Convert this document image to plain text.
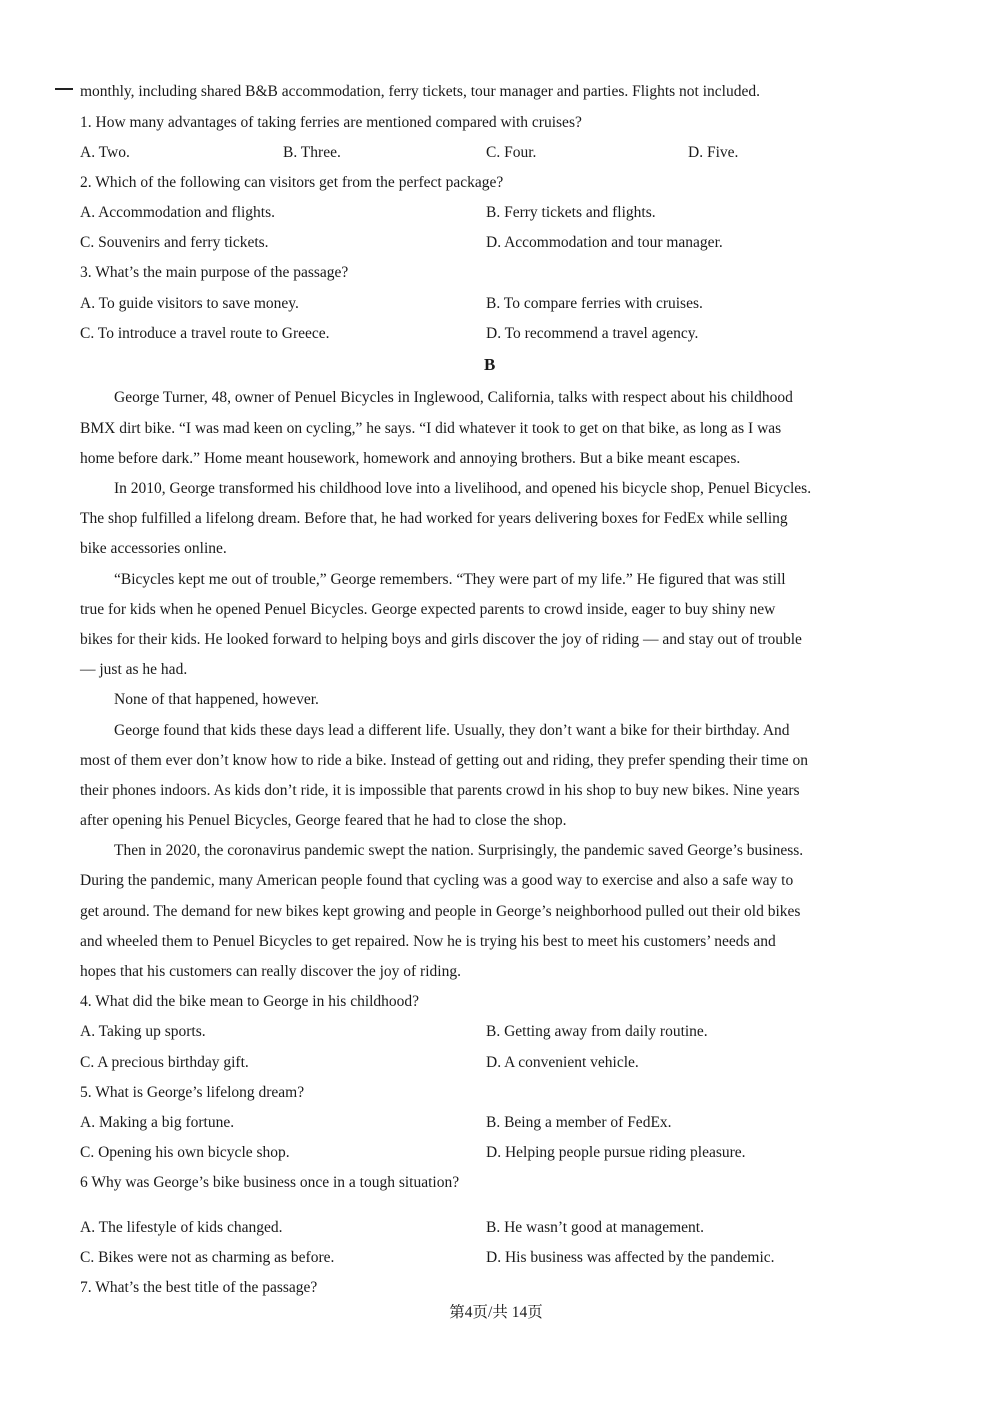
monthly, including shared B&B accommodation, ferry tickets, tour manager and parties. Flights not included.
1. How many advantages of taking ferries are mentioned compared with cruises?
A. Two.	B. Three.	C. Four.	D. Five.
2. Which of the following can visitors get from the perfect package?
A. Accommodation and flights.	B. Ferry tickets and flights.
C. Souvenirs and ferry tickets.	D. Accommodation and tour manager.
3. What’s the main purpose of the passage?
A. To guide visitors to save money.	B. To compare ferries with cruises.
C. To introduce a travel route to Greece.	D. To recommend a travel agency.
B
George Turner, 48, owner of Penuel Bicycles in Inglewood, California, talks with respect about his childhood
BMX dirt bike. “I was mad keen on cycling,” he says. “I did whatever it took to get on that bike, as long as I was
home before dark.” Home meant housework, homework and annoying brothers. But a bike meant escapes.
In 2010, George transformed his childhood love into a livelihood, and opened his bicycle shop, Penuel Bicycles.
The shop fulfilled a lifelong dream. Before that, he had worked for years delivering boxes for FedEx while selling
bike accessories online.
“Bicycles kept me out of trouble,” George remembers. “They were part of my life.” He figured that was still
true for kids when he opened Penuel Bicycles. George expected parents to crowd inside, eager to buy shiny new
bikes for their kids. He looked forward to helping boys and girls discover the joy of riding — and stay out of trouble
— just as he had.
None of that happened, however.
George found that kids these days lead a different life. Usually, they don’t want a bike for their birthday. And
most of them ever don’t know how to ride a bike. Instead of getting out and riding, they prefer spending their time on
their phones indoors. As kids don’t ride, it is impossible that parents crowd in his shop to buy new bikes. Nine years
after opening his Penuel Bicycles, George feared that he had to close the shop.
Then in 2020, the coronavirus pandemic swept the nation. Surprisingly, the pandemic saved George’s business.
During the pandemic, many American people found that cycling was a good way to exercise and also a safe way to
get around. The demand for new bikes kept growing and people in George’s neighborhood pulled out their old bikes
and wheeled them to Penuel Bicycles to get repaired. Now he is trying his best to meet his customers’ needs and
hopes that his customers can really discover the joy of riding.
4. What did the bike mean to George in his childhood?
A. Taking up sports.	B. Getting away from daily routine.
C. A precious birthday gift.	D. A convenient vehicle.
5. What is George’s lifelong dream?
A. Making a big fortune.	B. Being a member of FedEx.
C. Opening his own bicycle shop.	D. Helping people pursue riding pleasure.
6 Why was George’s bike business once in a tough situation?
A. The lifestyle of kids changed.	B. He wasn’t good at management.
C. Bikes were not as charming as before.	D. His business was affected by the pandemic.
7. What’s the best title of the passage?
第4页/共 14页
